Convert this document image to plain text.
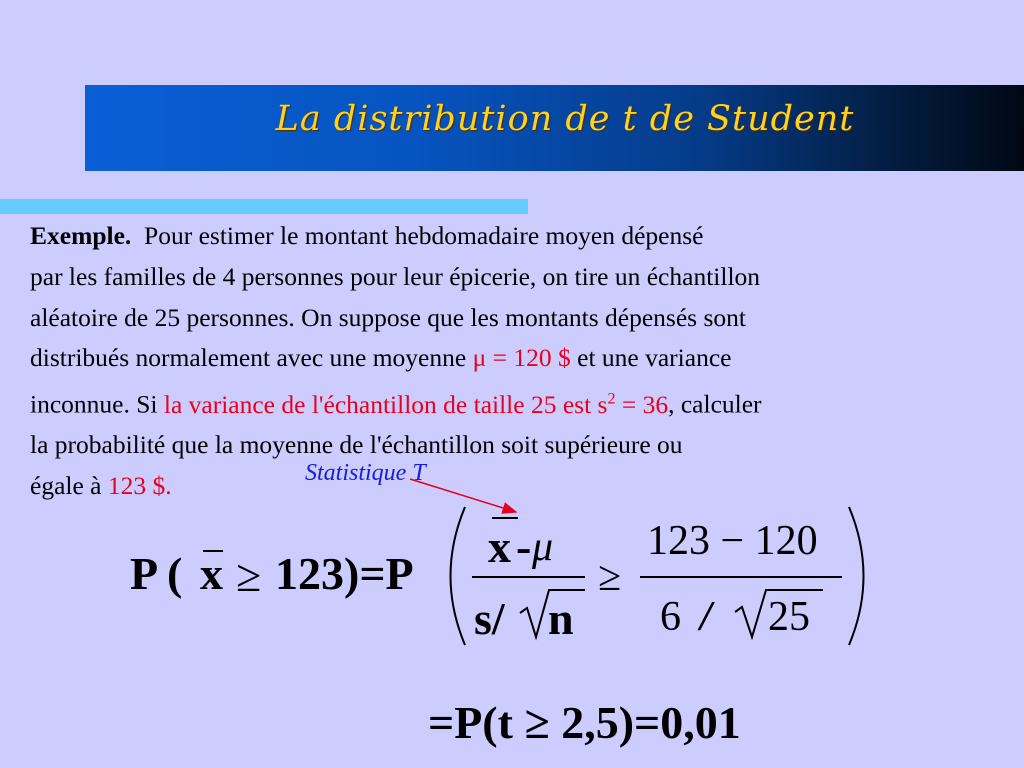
La distribution de t de Student
Exemple. Pour estimer le montant hebdomadaire moyen dépensé
par les familles de 4 personnes pour leur épicerie, on tire un échantillon
aléatoire de 25 personnes. On suppose que les montants dépensés sont
distribués normalement avec une moyenne μ = 120 $ et une variance
inconnue. Si la variance de l'échantillon de taille 25 est $s^2 = 36$, calculer
la probabilité que la moyenne de l'échantillon soit supérieure ou
égale à 123 $.	Statistique T
P ( x ≥ 123)=P
x - μ
s/ n
≥
123 − 120
6 / 25
=P(t ≥ 2,5)=0,01
